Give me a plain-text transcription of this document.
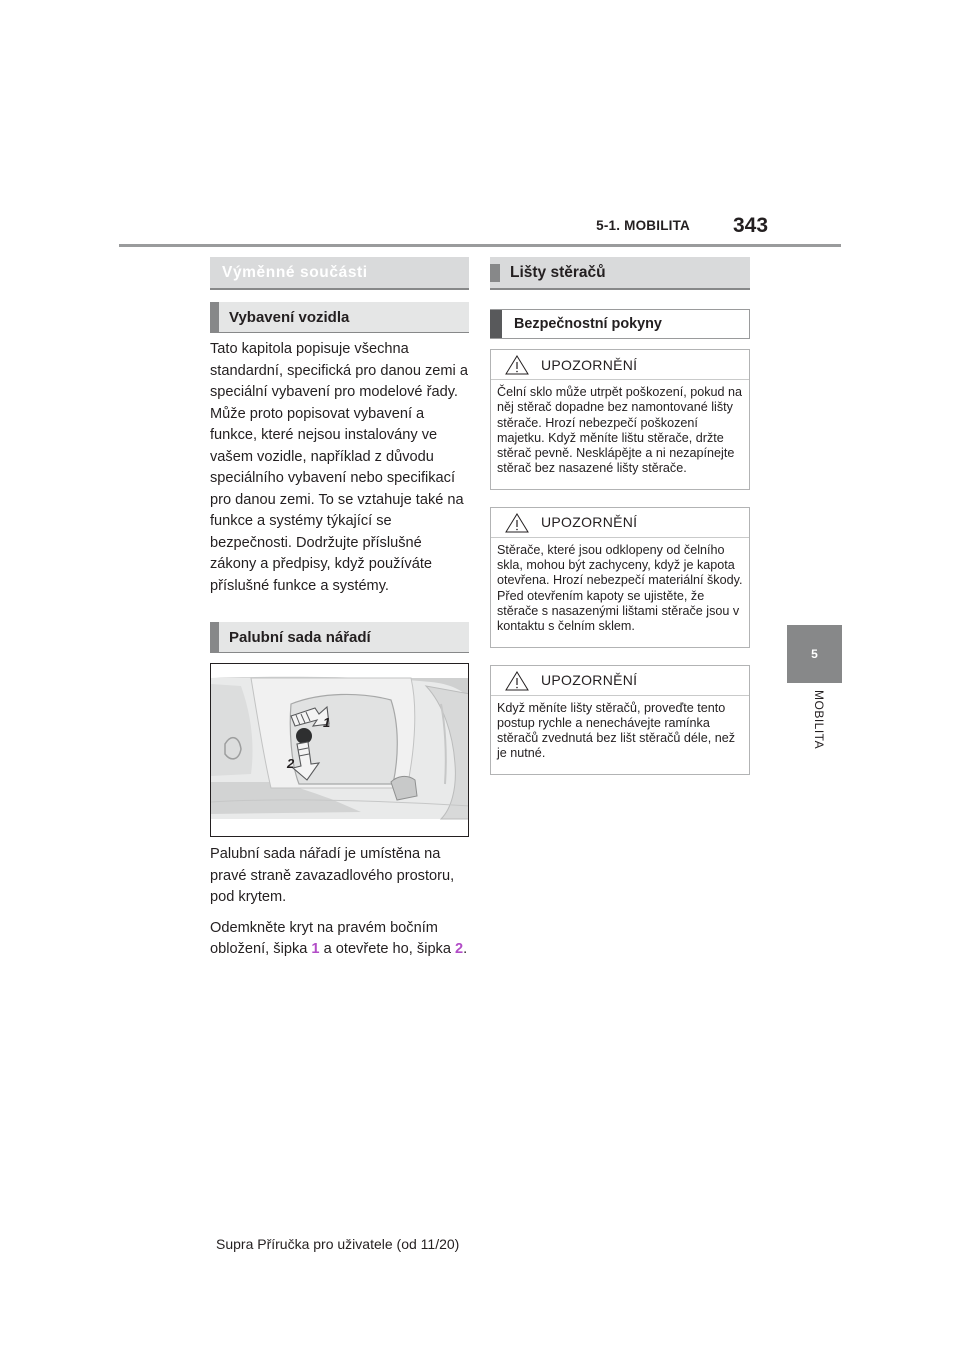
5-1. MOBILITA 343
5
MOBILITA
Výměnné součásti
Vybavení vozidla

Tato kapitola popisuje všechna standardní, specifická pro danou zemi a speciální vybavení pro modelové řady. Může proto popisovat vybavení a funkce, které nejsou instalovány ve vašem vozidle, například z důvodu speciálního vybavení nebo specifikací pro danou zemi. To se vztahuje také na funkce a systémy týkající se bezpečnosti. Dodržujte příslušné zákony a předpisy, když používáte příslušné funkce a systémy.

Palubní sada nářadí
1
2

Palubní sada nářadí je umístěna na pravé straně zavazadlového prostoru, pod krytem.

Odemkněte kryt na pravém bočním obložení, šipka 1 a otevřete ho, šipka 2.

Lišty stěračů
Bezpečnostní pokyny
UPOZORNĚNÍ
Čelní sklo může utrpět poškození, pokud na něj stěrač dopadne bez namontované lišty stěrače. Hrozí nebezpečí poškození majetku. Když měníte lištu stěrače, držte stěrač pevně. Nesklápějte a ni nezapínejte stěrač bez nasazené lišty stěrače.
UPOZORNĚNÍ
Stěrače, které jsou odklopeny od čelního skla, mohou být zachyceny, když je kapota otevřena. Hrozí nebezpečí materiální škody. Před otevřením kapoty se ujistěte, že stěrače s nasazenými lištami stěrače jsou v kontaktu s čelním sklem.
UPOZORNĚNÍ
Když měníte lišty stěračů, proveďte tento postup rychle a nenechávejte ramínka stěračů zvednutá bez lišt stěračů déle, než je nutné.
Supra Příručka pro uživatele (od 11/20)
